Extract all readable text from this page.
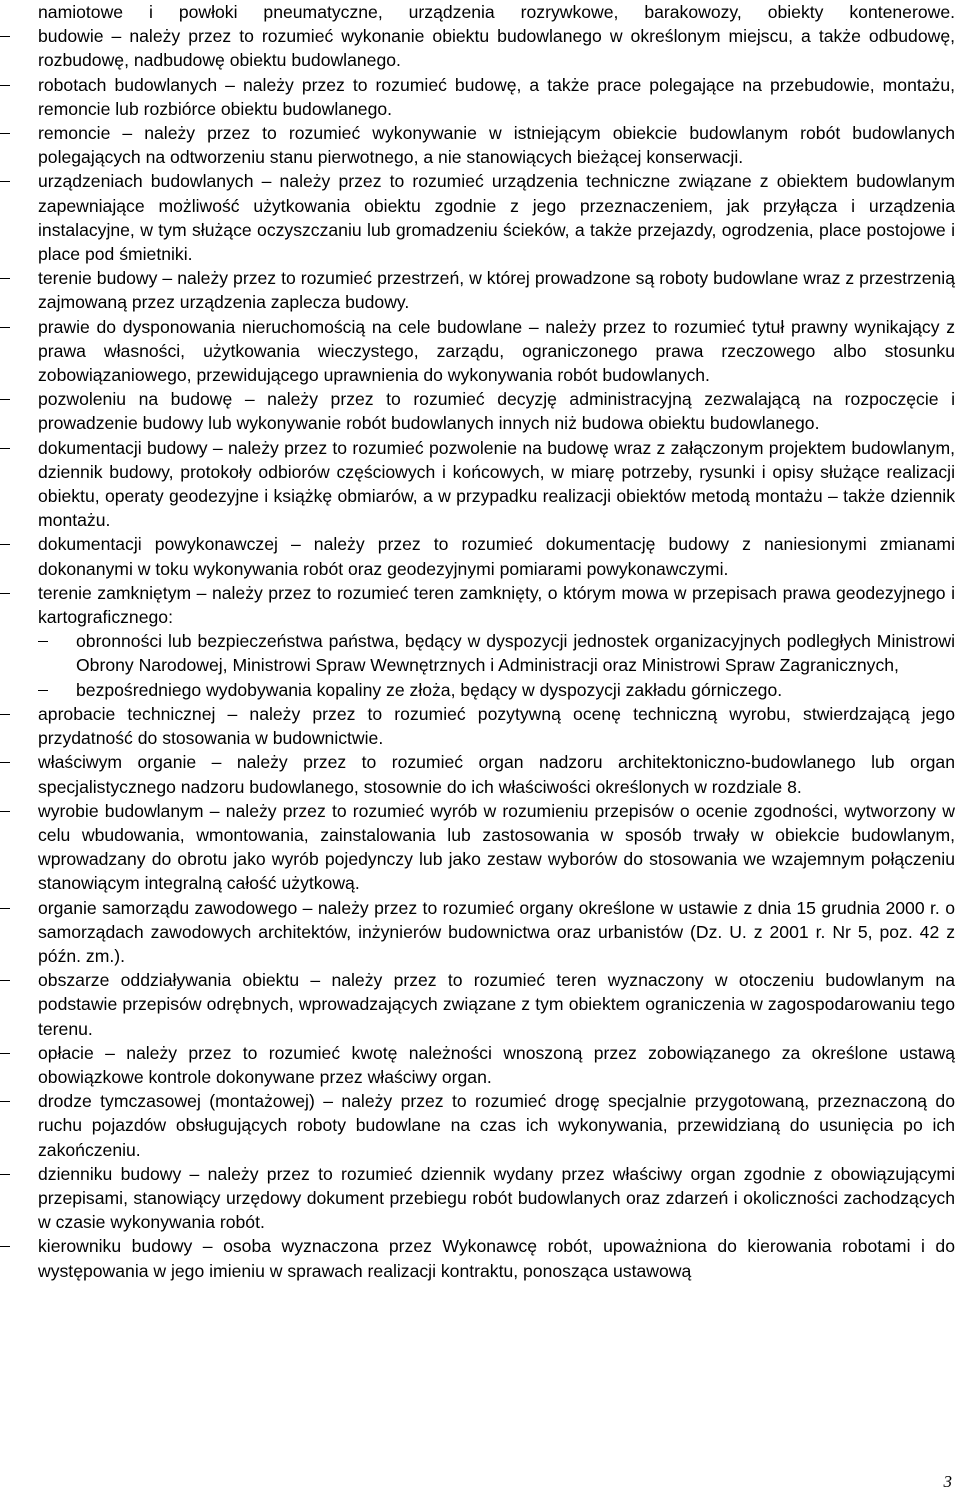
namiotowe i powłoki pneumatyczne, urządzenia rozrywkowe, barakowozy, obiekty kontenerowe.

budowie – należy przez to rozumieć wykonanie obiektu budowlanego w określonym miejscu, a także odbudowę, rozbudowę, nadbudowę obiektu budowlanego.
robotach budowlanych – należy przez to rozumieć budowę, a także prace polegające na przebudowie, montażu, remoncie lub rozbiórce obiektu budowlanego.
remoncie – należy przez to rozumieć wykonywanie w istniejącym obiekcie budowlanym robót budowlanych polegających na odtworzeniu stanu pierwotnego, a nie stanowiących bieżącej konserwacji.
urządzeniach budowlanych – należy przez to rozumieć urządzenia techniczne związane z obiektem budowlanym zapewniające możliwość użytkowania obiektu zgodnie z jego przeznaczeniem, jak przyłącza i urządzenia instalacyjne, w tym służące oczyszczaniu lub gromadzeniu ścieków, a także przejazdy, ogrodzenia, place postojowe i place pod śmietniki.
terenie budowy – należy przez to rozumieć przestrzeń, w której prowadzone są roboty budowlane wraz z przestrzenią zajmowaną przez urządzenia zaplecza budowy.
prawie do dysponowania nieruchomością na cele budowlane – należy przez to rozumieć tytuł prawny wynikający z prawa własności, użytkowania wieczystego, zarządu, ograniczonego prawa rzeczowego albo stosunku zobowiązaniowego, przewidującego uprawnienia do wykonywania robót budowlanych.
pozwoleniu na budowę – należy przez to rozumieć decyzję administracyjną zezwalającą na rozpoczęcie i prowadzenie budowy lub wykonywanie robót budowlanych innych niż budowa obiektu budowlanego.
dokumentacji budowy – należy przez to rozumieć pozwolenie na budowę wraz z załączonym projektem budowlanym, dziennik budowy, protokoły odbiorów częściowych i końcowych, w miarę potrzeby, rysunki i opisy służące realizacji obiektu, operaty geodezyjne i książkę obmiarów, a w przypadku realizacji obiektów metodą montażu – także dziennik montażu.
dokumentacji powykonawczej – należy przez to rozumieć dokumentację budowy z naniesionymi zmianami dokonanymi w toku wykonywania robót oraz geodezyjnymi pomiarami powykonawczymi.
terenie zamkniętym – należy przez to rozumieć teren zamknięty, o którym mowa w przepisach prawa geodezyjnego i kartograficznego:
obronności lub bezpieczeństwa państwa, będący w dyspozycji jednostek organizacyjnych podległych Ministrowi Obrony Narodowej, Ministrowi Spraw Wewnętrznych i Administracji oraz Ministrowi Spraw Zagranicznych,
bezpośredniego wydobywania kopaliny ze złoża, będący w dyspozycji zakładu górniczego.
aprobacie technicznej – należy przez to rozumieć pozytywną ocenę techniczną wyrobu, stwierdzającą jego przydatność do stosowania w budownictwie.
właściwym organie – należy przez to rozumieć organ nadzoru architektoniczno-budowlanego lub organ specjalistycznego nadzoru budowlanego, stosownie do ich właściwości określonych w rozdziale 8.
wyrobie budowlanym – należy przez to rozumieć wyrób w rozumieniu przepisów o ocenie zgodności, wytworzony w celu wbudowania, wmontowania, zainstalowania lub zastosowania w sposób trwały w obiekcie budowlanym, wprowadzany do obrotu jako wyrób pojedynczy lub jako zestaw wyborów do stosowania we wzajemnym połączeniu stanowiącym integralną całość użytkową.
organie samorządu zawodowego – należy przez to rozumieć organy określone w ustawie z dnia 15 grudnia 2000 r. o samorządach zawodowych architektów, inżynierów budownictwa oraz urbanistów (Dz. U. z 2001 r. Nr 5, poz. 42 z późn. zm.).
obszarze oddziaływania obiektu – należy przez to rozumieć teren wyznaczony w otoczeniu budowlanym na podstawie przepisów odrębnych, wprowadzających związane z tym obiektem ograniczenia w zagospodarowaniu tego terenu.
opłacie – należy przez to rozumieć kwotę należności wnoszoną przez zobowiązanego za określone ustawą obowiązkowe kontrole dokonywane przez właściwy organ.
drodze tymczasowej (montażowej) – należy przez to rozumieć drogę specjalnie przygotowaną, przeznaczoną do ruchu pojazdów obsługujących roboty budowlane na czas ich wykonywania, przewidzianą do usunięcia po ich zakończeniu.
dzienniku budowy – należy przez to rozumieć dziennik wydany przez właściwy organ zgodnie z obowiązującymi przepisami, stanowiący urzędowy dokument przebiegu robót budowlanych oraz zdarzeń i okoliczności zachodzących w czasie wykonywania robót.
kierowniku budowy – osoba wyznaczona przez Wykonawcę robót, upoważniona do kierowania robotami i do występowania w jego imieniu w sprawach realizacji kontraktu, ponosząca ustawową
3
